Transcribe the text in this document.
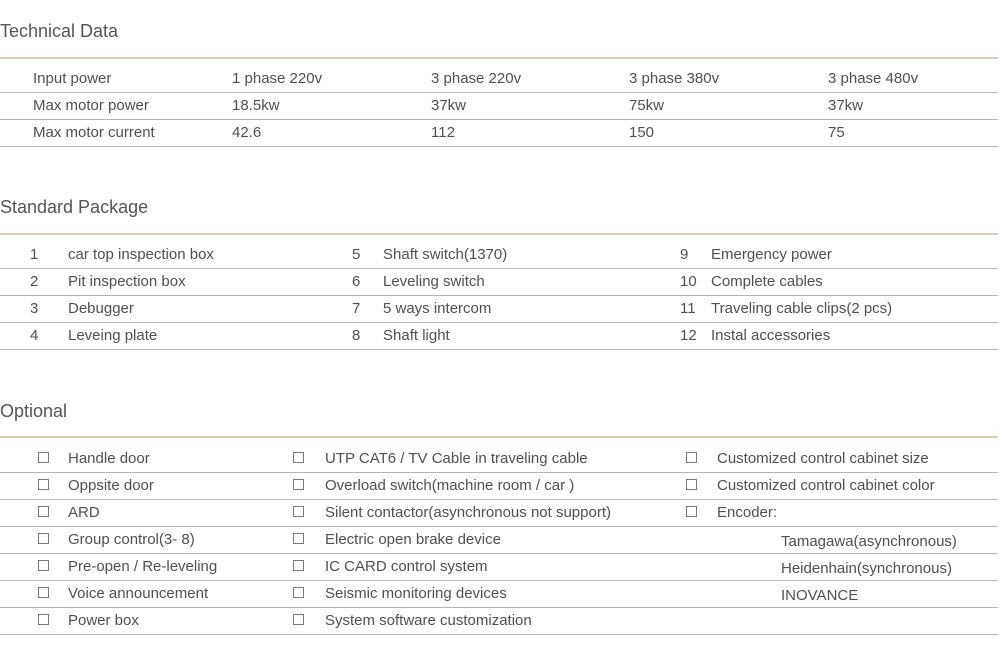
Technical Data
Input power	1 phase 220v	3 phase 220v	3 phase 380v	3 phase 480v
Max motor power	18.5kw	37kw	75kw	37kw
Max motor current	42.6	112	150	75
Standard Package
1 car top inspection box	5 Shaft switch(1370)	9 Emergency power
2 Pit inspection box	6 Leveling switch	10 Complete cables
3 Debugger	7 5 ways intercom	11 Traveling cable clips(2 pcs)
4 Leveing plate	8 Shaft light	12 Instal accessories
Optional
Handle door	UTP CAT6 / TV Cable in traveling cable	Customized control cabinet size
Oppsite door	Overload switch(machine room / car )	Customized control cabinet color
ARD	Silent contactor(asynchronous not support)	Encoder:
Group control(3- 8)	Electric open brake device	Tamagawa(asynchronous)
Pre-open / Re-leveling	IC CARD control system	Heidenhain(synchronous)
Voice announcement	Seismic monitoring devices	INOVANCE
Power box	System software customization
